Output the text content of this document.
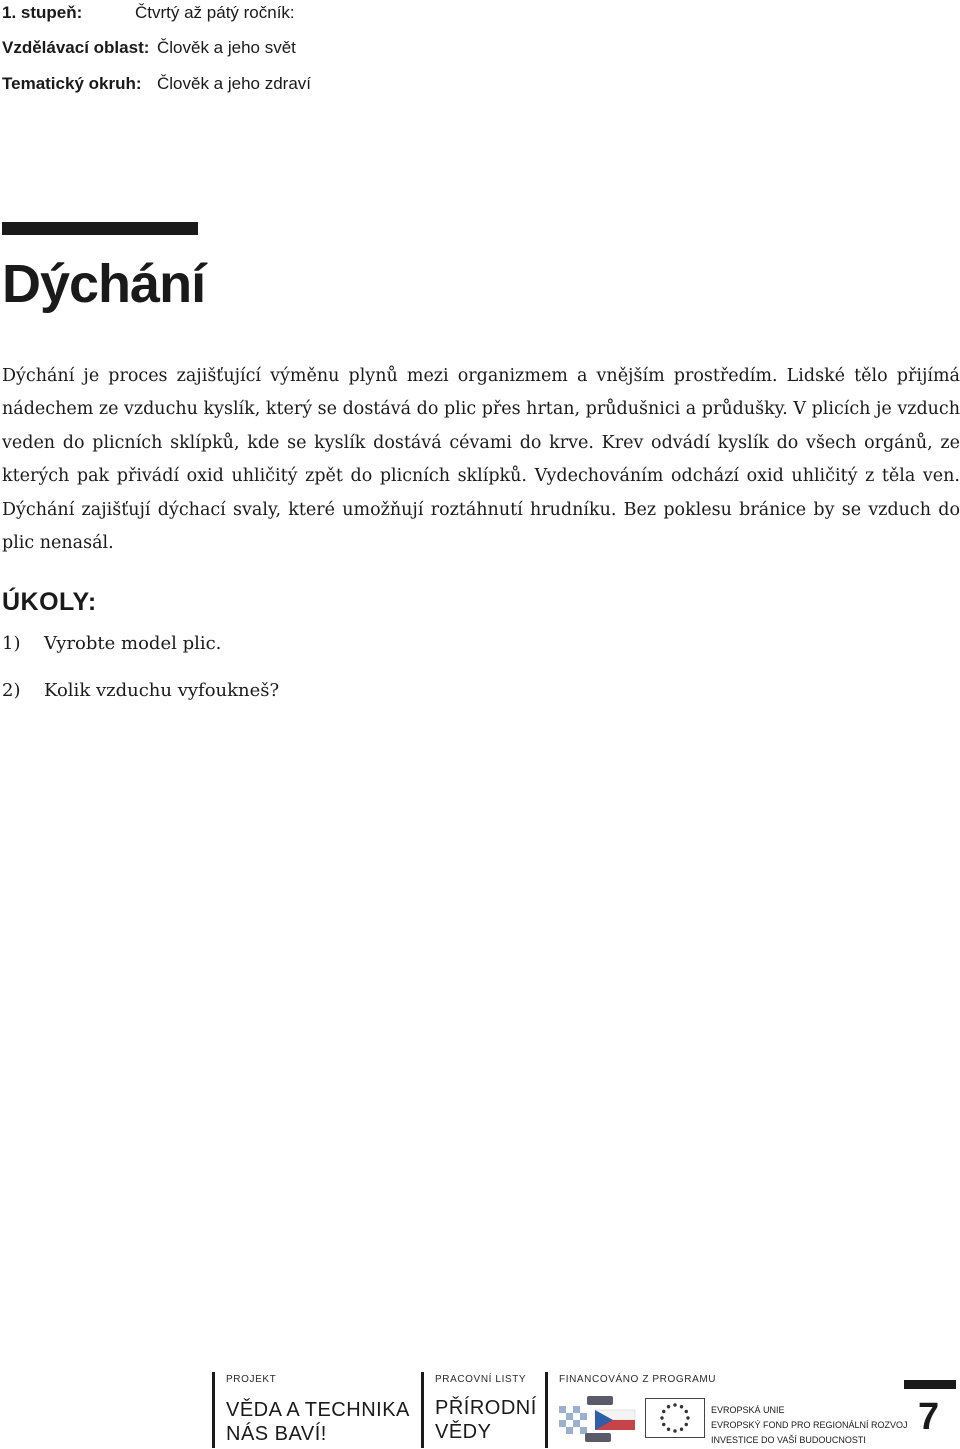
1. stupeň:	Čtvrtý až pátý ročník:
Vzdělávací oblast: Člověk a jeho svět
Tematický okruh: Člověk a jeho zdraví
Dýchání

Dýchání je proces zajišťující výměnu plynů mezi organizmem a vnějším prostředím. Lidské tělo přijímá nádechem ze vzduchu kyslík, který se dostává do plic přes hrtan, průdušnici a průdušky. V plicích je vzduch veden do plicních sklípků, kde se kyslík dostává cévami do krve. Krev odvádí kyslík do všech orgánů, ze kterých pak přivádí oxid uhličitý zpět do plicních sklípků. Vydechováním odchází oxid uhličitý z těla ven. Dýchání zajišťují dýchací svaly, které umožňují roztáhnutí hrudníku. Bez poklesu bránice by se vzduch do plic nenasál.

ÚKOLY:
1) Vyrobte model plic.
2) Kolik vzduchu vyfoukneš?
PROJEKT
VĚDA A TECHNIKA
NÁS BAVÍ!
PRACOVNÍ LISTY
PŘÍRODNÍ
VĚDY
FINANCOVÁNO Z PROGRAMU
EVROPSKÁ UNIE
EVROPSKÝ FOND PRO REGIONÁLNÍ ROZVOJ
INVESTICE DO VAŠÍ BUDOUCNOSTI
7
